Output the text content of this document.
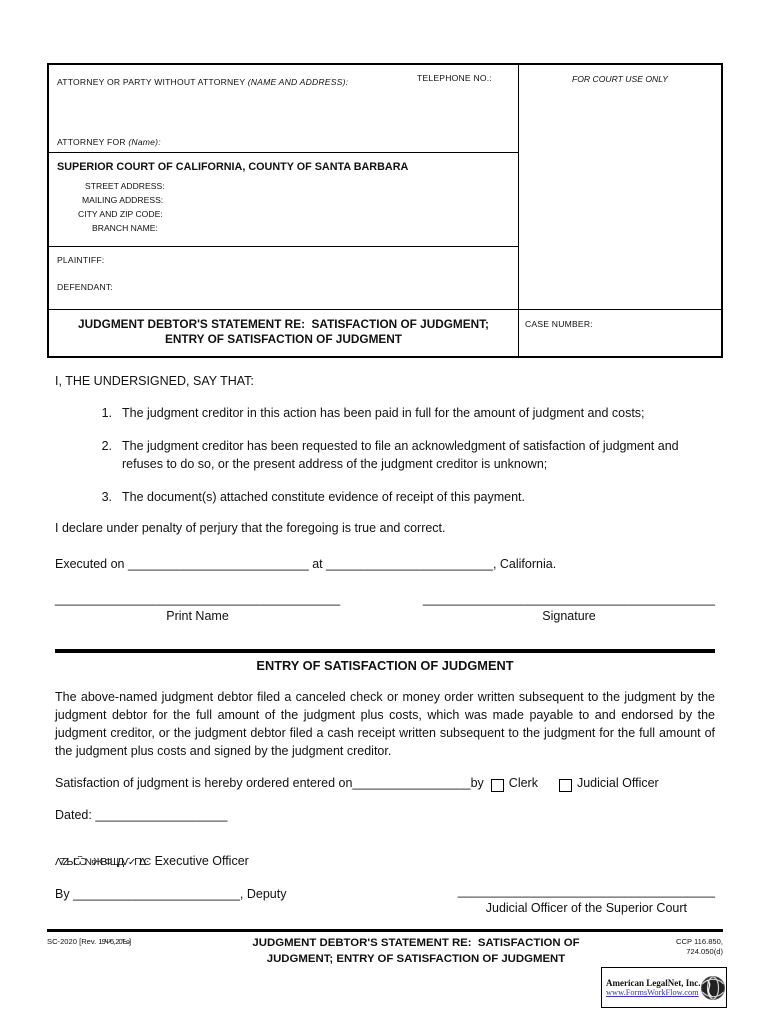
ATTORNEY OR PARTY WITHOUT ATTORNEY (NAME AND ADDRESS):	TELEPHONE NO.:
ATTORNEY FOR (Name):
SUPERIOR COURT OF CALIFORNIA, COUNTY OF SANTA BARBARA
STREET ADDRESS:
MAILING ADDRESS:
CITY AND ZIP CODE:
BRANCH NAME:
PLAINTIFF:
DEFENDANT:
FOR COURT USE ONLY
JUDGMENT DEBTOR'S STATEMENT RE:  SATISFACTION OF JUDGMENT;
ENTRY OF SATISFACTION OF JUDGMENT
CASE NUMBER:
I, THE UNDERSIGNED, SAY THAT:
1. The judgment creditor in this action has been paid in full for the amount of judgment and costs;
2. The judgment creditor has been requested to file an acknowledgment of satisfaction of judgment and refuses to do so, or the present address of the judgment creditor is unknown;
3. The document(s) attached constitute evidence of receipt of this payment.
I declare under penalty of perjury that the foregoing is true and correct.
Executed on __________________________ at ________________________, California.
_________________________________________
Print Name
__________________________________________
Signature
ENTRY OF SATISFACTION OF JUDGMENT
The above-named judgment debtor filed a canceled check or money order written subsequent to the judgment by the judgment debtor for the full amount of the judgment plus costs, which was made payable to and endorsed by the judgment creditor, or the judgment debtor filed a cash receipt written subsequent to the judgment for the full amount of the judgment plus costs and signed by the judgment creditor.
Satisfaction of judgment is hereby ordered entered on _________________ by Clerk	Judicial Officer
Dated: ___________________
Λ7ΖЫѾ№ЖВФЩДѴ ✓ ПΔϾ Executive Officer
By ________________________, Deputy	_____________________________________
Judicial Officer of the Superior Court
SC-2020 [Rev. 19Ѱ6, 20Ѣ϶]	JUDGMENT DEBTOR'S STATEMENT RE:  SATISFACTION OF
JUDGMENT; ENTRY OF SATISFACTION OF JUDGMENT
CCP 116.850,
724.050(d)
American LegalNet, Inc.
www.FormsWorkFlow.com
